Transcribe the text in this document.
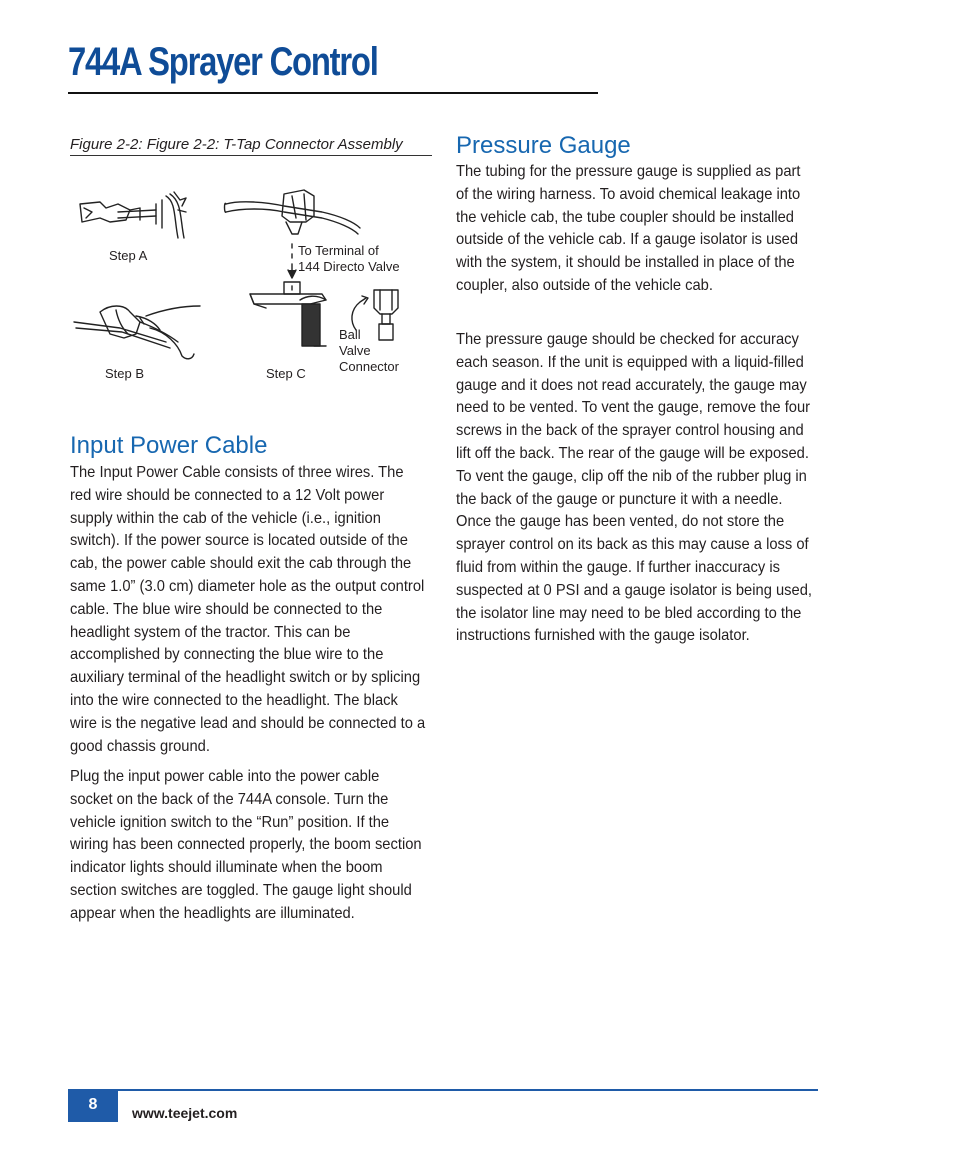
744A Sprayer Control
Figure 2-2: Figure 2-2: T-Tap Connector Assembly
Step A
Step B	Step C
To Terminal of
144 Directo Valve
Ball
Valve
Connector
Input Power Cable

The Input Power Cable consists of three wires. The red wire should be connected to a 12 Volt power supply within the cab of the vehicle (i.e., ignition switch). If the power source is located outside of the cab, the power cable should exit the cab through the same 1.0” (3.0 cm) diameter hole as the output control cable. The blue wire should be connected to the headlight system of the tractor. This can be accomplished by connecting the blue wire to the auxiliary terminal of the headlight switch or by splicing into the wire connected to the headlight. The black wire is the negative lead and should be connected to a good chassis ground.

Plug the input power cable into the power cable socket on the back of the 744A console. Turn the vehicle ignition switch to the “Run” position. If the wiring has been connected properly, the boom section indicator lights should illuminate when the boom section switches are toggled. The gauge light should appear when the headlights are illuminated.

Pressure Gauge

The tubing for the pressure gauge is supplied as part of the wiring harness. To avoid chemical leakage into the vehicle cab, the tube coupler should be installed outside of the vehicle cab. If a gauge isolator is used with the system, it should be installed in place of the coupler, also outside of the vehicle cab.

The pressure gauge should be checked for accuracy each season. If the unit is equipped with a liquid-filled gauge and it does not read accurately, the gauge may need to be vented. To vent the gauge, remove the four screws in the back of the sprayer control housing and lift off the back. The rear of the gauge will be exposed. To vent the gauge, clip off the nib of the rubber plug in the back of the gauge or puncture it with a needle. Once the gauge has been vented, do not store the sprayer control on its back as this may cause a loss of fluid from within the gauge. If further inaccuracy is suspected at 0 PSI and a gauge isolator is being used, the isolator line may need to be bled according to the instructions furnished with the gauge isolator.

8	www.teejet.com
